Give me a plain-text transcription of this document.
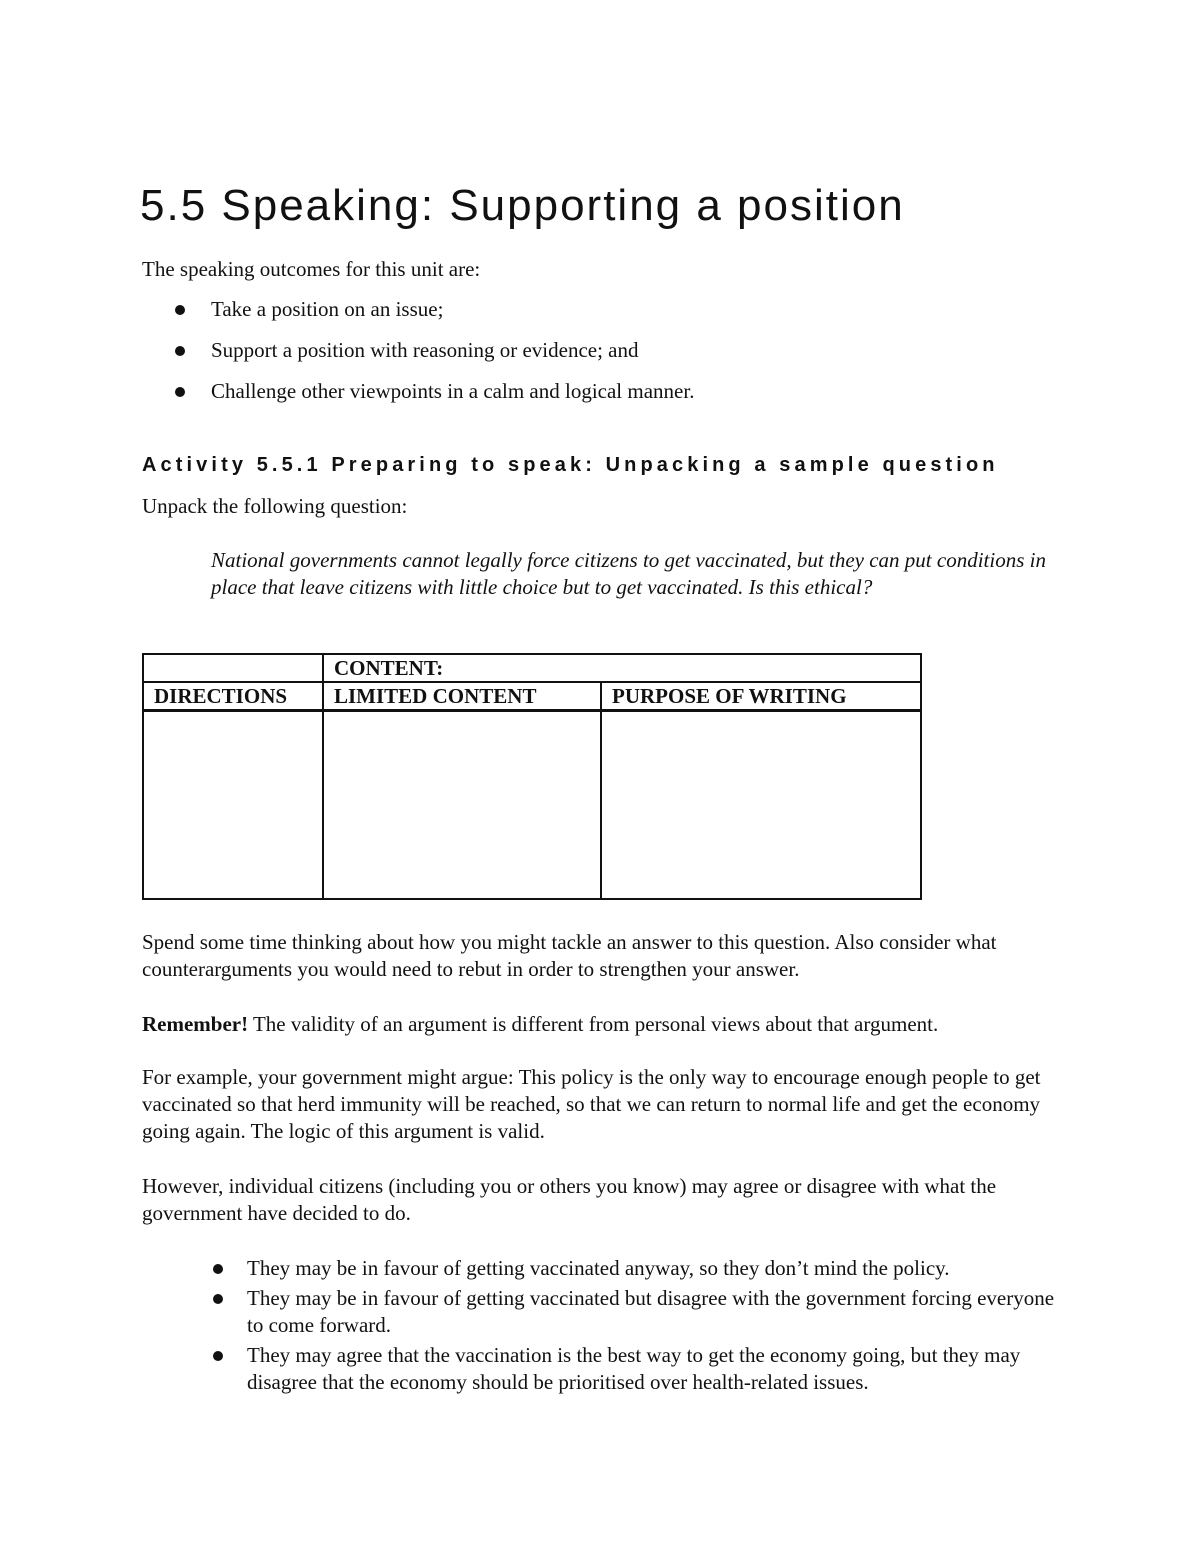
5.5 Speaking: Supporting a position

The speaking outcomes for this unit are:

Take a position on an issue;
Support a position with reasoning or evidence; and
Challenge other viewpoints in a calm and logical manner.
Activity 5.5.1 Preparing to speak: Unpacking a sample question

Unpack the following question:

National governments cannot legally force citizens to get vaccinated, but they can put conditions in place that leave citizens with little choice but to get vaccinated. Is this ethical?

	CONTENT:	
DIRECTIONS	LIMITED CONTENT	PURPOSE OF WRITING

Spend some time thinking about how you might tackle an answer to this question. Also consider what counterarguments you would need to rebut in order to strengthen your answer.

Remember! The validity of an argument is different from personal views about that argument.

For example, your government might argue: This policy is the only way to encourage enough people to get vaccinated so that herd immunity will be reached, so that we can return to normal life and get the economy going again. The logic of this argument is valid.

However, individual citizens (including you or others you know) may agree or disagree with what the government have decided to do.

They may be in favour of getting vaccinated anyway, so they don’t mind the policy.
They may be in favour of getting vaccinated but disagree with the government forcing everyone to come forward.
They may agree that the vaccination is the best way to get the economy going, but they may disagree that the economy should be prioritised over health-related issues.
